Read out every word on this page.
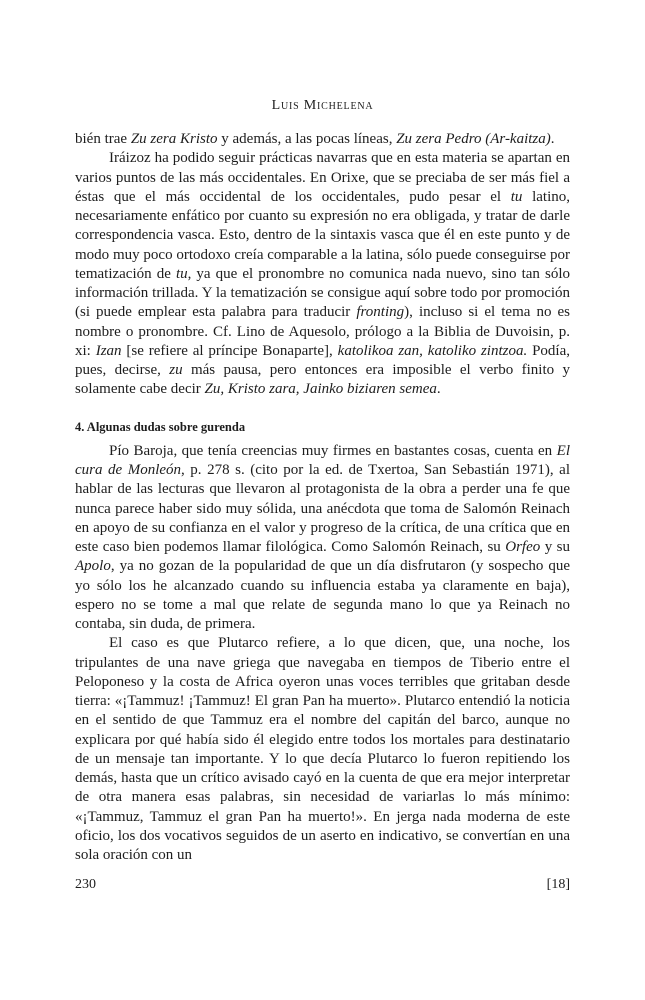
Luis Michelena

bién trae Zu zera Kristo y además, a las pocas líneas, Zu zera Pedro (Ar-kaitza).

Iráizoz ha podido seguir prácticas navarras que en esta materia se apartan en varios puntos de las más occidentales. En Orixe, que se preciaba de ser más fiel a éstas que el más occidental de los occidentales, pudo pesar el tu latino, necesariamente enfático por cuanto su expresión no era obligada, y tratar de darle correspondencia vasca. Esto, dentro de la sintaxis vasca que él en este punto y de modo muy poco ortodoxo creía comparable a la latina, sólo puede conseguirse por tematización de tu, ya que el pronombre no comunica nada nuevo, sino tan sólo información trillada. Y la tematización se consigue aquí sobre todo por promoción (si puede emplear esta palabra para traducir fronting), incluso si el tema no es nombre o pronombre. Cf. Lino de Aquesolo, prólogo a la Biblia de Duvoisin, p. xi: Izan [se refiere al príncipe Bonaparte], katolikoa zan, katoliko zintzoa. Podía, pues, decirse, zu más pausa, pero entonces era imposible el verbo finito y solamente cabe decir Zu, Kristo zara, Jainko biziaren semea.

4. Algunas dudas sobre gurenda

Pío Baroja, que tenía creencias muy firmes en bastantes cosas, cuenta en El cura de Monleón, p. 278 s. (cito por la ed. de Txertoa, San Sebastián 1971), al hablar de las lecturas que llevaron al protagonista de la obra a perder una fe que nunca parece haber sido muy sólida, una anécdota que toma de Salomón Reinach en apoyo de su confianza en el valor y progreso de la crítica, de una crítica que en este caso bien podemos llamar filológica. Como Salomón Reinach, su Orfeo y su Apolo, ya no gozan de la popularidad de que un día disfrutaron (y sospecho que yo sólo los he alcanzado cuando su influencia estaba ya claramente en baja), espero no se tome a mal que relate de segunda mano lo que ya Reinach no contaba, sin duda, de primera.

El caso es que Plutarco refiere, a lo que dicen, que, una noche, los tripulantes de una nave griega que navegaba en tiempos de Tiberio entre el Peloponeso y la costa de Africa oyeron unas voces terribles que gritaban desde tierra: «¡Tammuz! ¡Tammuz! El gran Pan ha muerto». Plutarco entendió la noticia en el sentido de que Tammuz era el nombre del capitán del barco, aunque no explicara por qué había sido él elegido entre todos los mortales para destinatario de un mensaje tan importante. Y lo que decía Plutarco lo fueron repitiendo los demás, hasta que un crítico avisado cayó en la cuenta de que era mejor interpretar de otra manera esas palabras, sin necesidad de variarlas lo más mínimo: «¡Tammuz, Tammuz el gran Pan ha muerto!». En jerga nada moderna de este oficio, los dos vocativos seguidos de un aserto en indicativo, se convertían en una sola oración con un

230	[18]
